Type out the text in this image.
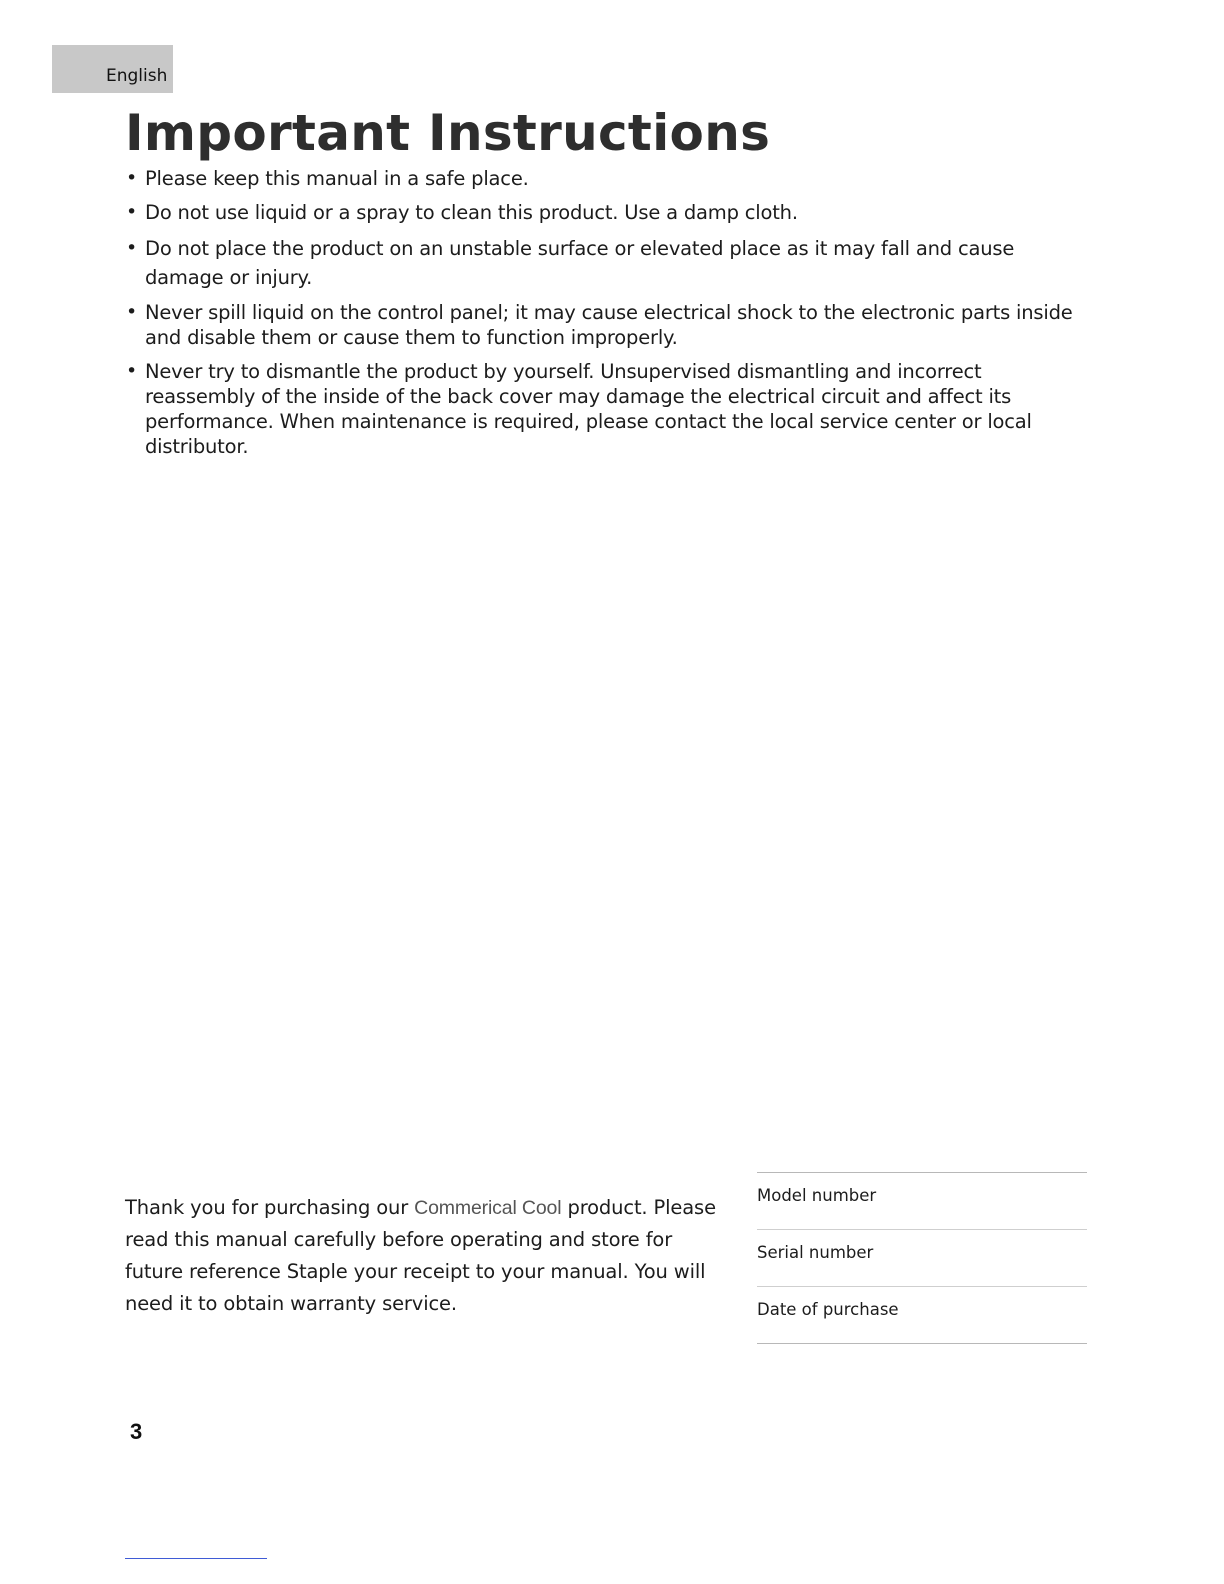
English
Important Instructions
• Please keep this manual in a safe place.
• Do not use liquid or a spray to clean this product. Use a damp cloth.
• Do not place the product on an unstable surface or elevated place as it may fall and cause damage or injury.
• Never spill liquid on the control panel; it may cause electrical shock to the electronic parts inside and disable them or cause them to function improperly.
• Never try to dismantle the product by yourself. Unsupervised dismantling and incorrect reassembly of the inside of the back cover may damage the electrical circuit and affect its performance. When maintenance is required, please contact the local service center or local distributor.

Thank you for purchasing our Commerical Cool product. Please read this manual carefully before operating and store for future reference Staple your receipt to your manual. You will need it to obtain warranty service.

Model number
Serial number
Date of purchase
3
